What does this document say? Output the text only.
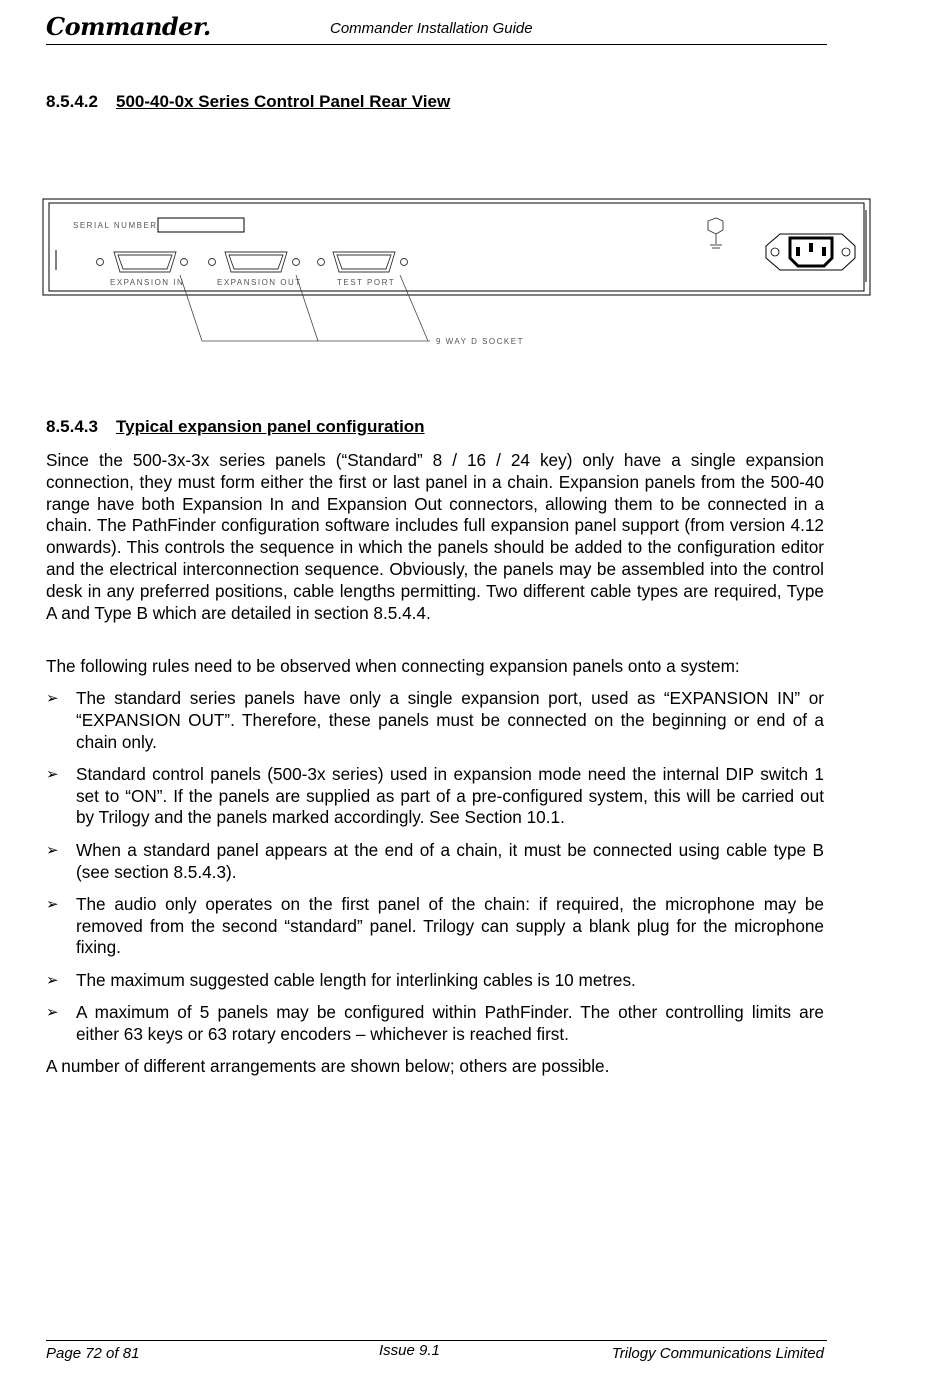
Commander.	Commander Installation Guide
8.5.4.2 500-40-0x Series Control Panel Rear View
SERIAL NUMBER
EXPANSION IN	EXPANSION OUT	TEST PORT
9 WAY D SOCKET
8.5.4.3 Typical expansion panel configuration

Since the 500-3x-3x series panels (“Standard” 8 / 16 / 24 key) only have a single expansion connection, they must form either the first or last panel in a chain. Expansion panels from the 500-40 range have both Expansion In and Expansion Out connectors, allowing them to be connected in a chain. The PathFinder configuration software includes full expansion panel support (from version 4.12 onwards). This controls the sequence in which the panels should be added to the configuration editor and the electrical interconnection sequence. Obviously, the panels may be assembled into the control desk in any preferred positions, cable lengths permitting. Two different cable types are required, Type A and Type B which are detailed in section 8.5.4.4.

The following rules need to be observed when connecting expansion panels onto a system:

➢ The standard series panels have only a single expansion port, used as “EXPANSION IN” or “EXPANSION OUT”. Therefore, these panels must be connected on the beginning or end of a chain only.
➢ Standard control panels (500-3x series) used in expansion mode need the internal DIP switch 1 set to “ON”. If the panels are supplied as part of a pre-configured system, this will be carried out by Trilogy and the panels marked accordingly. See Section 10.1.
➢ When a standard panel appears at the end of a chain, it must be connected using cable type B (see section 8.5.4.3).
➢ The audio only operates on the first panel of the chain: if required, the microphone may be removed from the second “standard” panel. Trilogy can supply a blank plug for the microphone fixing.
➢ The maximum suggested cable length for interlinking cables is 10 metres.
➢ A maximum of 5 panels may be configured within PathFinder. The other controlling limits are either 63 keys or 63 rotary encoders – whichever is reached first.

A number of different arrangements are shown below; others are possible.

Page 72 of 81	Issue 9.1	Trilogy Communications Limited
